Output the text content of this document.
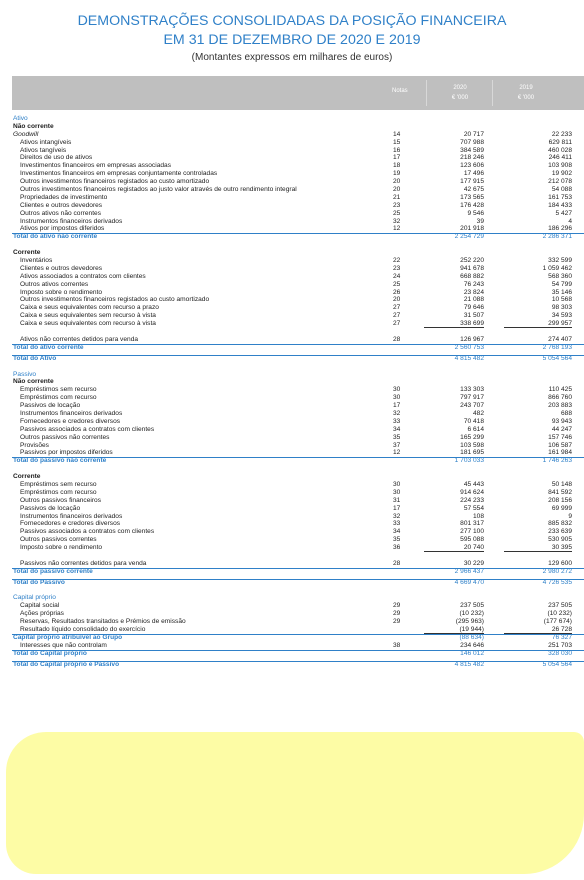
DEMONSTRAÇÕES CONSOLIDADAS DA POSIÇÃO FINANCEIRA
EM 31 DE DEZEMBRO DE 2020 E 2019
(Montantes expressos em milhares de euros)
Notas	2020
€ '000
2019
€ '000
Ativo
Não corrente
Goodwill	14	20 717	22 233
Ativos intangíveis	15	707 988	629 811
Ativos tangíveis	16	384 589	460 028
Direitos de uso de ativos	17	218 246	246 411
Investimentos financeiros em empresas associadas	18	123 606	103 908
Investimentos financeiros em empresas conjuntamente controladas	19	17 496	19 902
Outros investimentos financeiros registados ao custo amortizado	20	177 915	212 078
Outros investimentos financeiros registados ao justo valor através de outro rendimento integral	20	42 675	54 088
Propriedades de investimento	21	173 565	161 753
Clientes e outros devedores	23	176 428	184 433
Outros ativos não correntes	25	9 546	5 427
Instrumentos financeiros derivados	32	39	4
Ativos por impostos diferidos	12	201 918	186 296
Total do ativo não corrente	2 254 729	2 286 371
Corrente
Inventários	22	252 220	332 599
Clientes e outros devedores	23	941 678	1 059 462
Ativos associados a contratos com clientes	24	668 882	568 360
Outros ativos correntes	25	76 243	54 799
Imposto sobre o rendimento	26	23 824	35 146
Outros investimentos financeiros registados ao custo amortizado	20	21 088	10 568
Caixa e seus equivalentes com recurso a prazo	27	79 646	98 303
Caixa e seus equivalentes sem recurso à vista	27	31 507	34 593
Caixa e seus equivalentes com recurso à vista	27	338 699	299 957
Ativos não correntes detidos para venda	28	126 967	274 407
Total do ativo corrente	2 560 753	2 768 193
Total do Ativo	4 815 482	5 054 564
Passivo
Não corrente
Empréstimos sem recurso	30	133 303	110 425
Empréstimos com recurso	30	797 917	866 760
Passivos de locação	17	243 707	203 883
Instrumentos financeiros derivados	32	482	688
Fornecedores e credores diversos	33	70 418	93 943
Passivos associados a contratos com clientes	34	6 614	44 247
Outros passivos não correntes	35	165 299	157 746
Provisões	37	103 598	106 587
Passivos por impostos diferidos	12	181 695	161 984
Total do passivo não corrente	1 703 033	1 746 263
Corrente
Empréstimos sem recurso	30	45 443	50 148
Empréstimos com recurso	30	914 624	841 592
Outros passivos financeiros	31	224 233	208 156
Passivos de locação	17	57 554	69 999
Instrumentos financeiros derivados	32	108	9
Fornecedores e credores diversos	33	801 317	885 832
Passivos associados a contratos com clientes	34	277 100	233 639
Outros passivos correntes	35	595 088	530 905
Imposto sobre o rendimento	36	20 740	30 395
Passivos não correntes detidos para venda	28	30 229	129 600
Total do passivo corrente	2 966 437	2 980 272
Total do Passivo	4 669 470	4 726 535
Capital próprio
Capital social	29	237 505	237 505
Ações próprias	29	(10 232)	(10 232)
Reservas, Resultados transitados e Prémios de emissão	29	(295 963)	(177 674)
Resultado líquido consolidado do exercício	(19 944)	26 728
Capital próprio atribuível ao Grupo	(88 634)	76 327
Interesses que não controlam	38	234 646	251 703
Total do Capital próprio	146 012	328 030
Total do Capital próprio e Passivo	4 815 482	5 054 564
